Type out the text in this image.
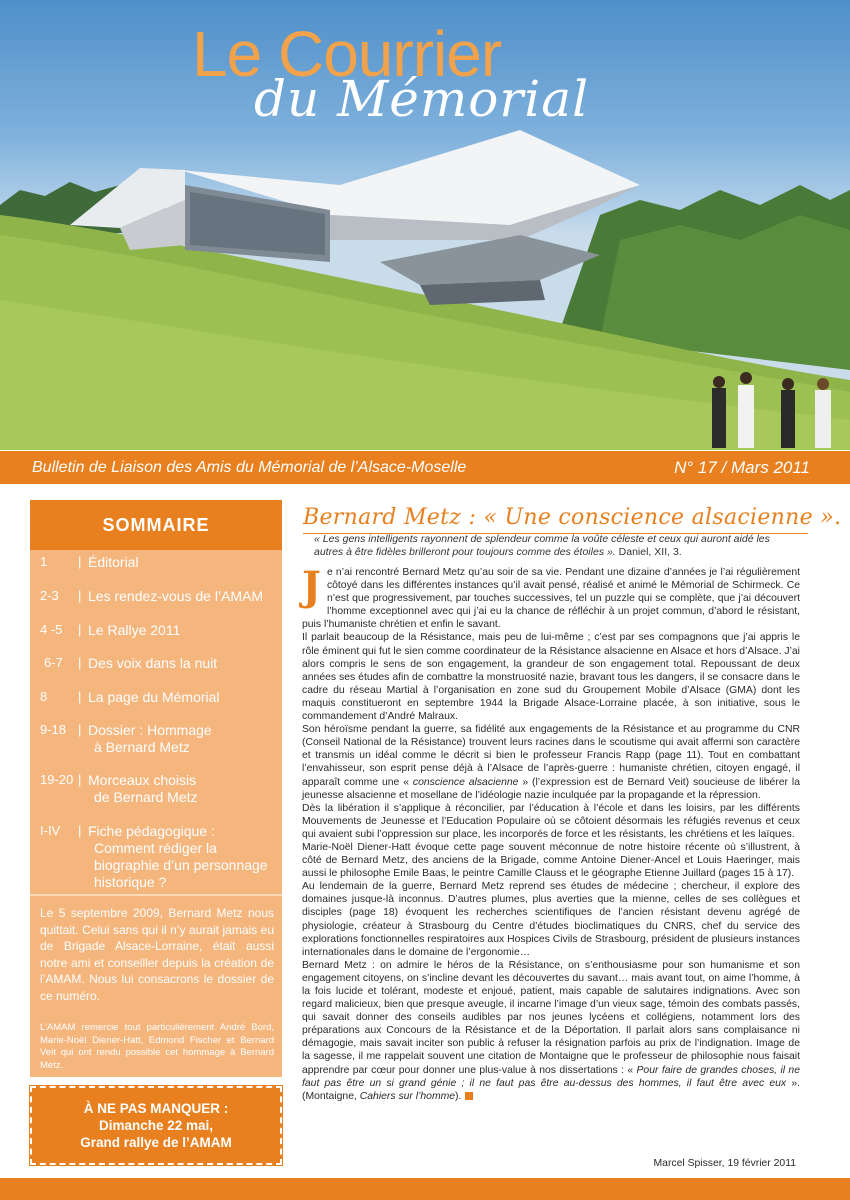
Le Courrier
du Mémorial
Bulletin de Liaison des Amis du Mémorial de l’Alsace-Moselle	N° 17 / Mars 2011
SOMMAIRE
1	| Éditorial
2-3	| Les rendez-vous de l’AMAM
4 -5	| Le Rallye 2011
6-7	| Des voix dans la nuit
8	| La page du Mémorial
9-18 | Dossier : Hommage
à Bernard Metz
19-20 | Morceaux choisis
de Bernard Metz
I-IV	| Fiche pédagogique :
Comment rédiger la
biographie d’un personnage
historique ?
Le 5 septembre 2009, Bernard Metz nous quittait. Celui sans qui il n’y aurait jamais eu de Brigade Alsace-Lorraine, était aussi notre ami et conseiller depuis la création de l’AMAM. Nous lui consacrons le dossier de ce numéro.
L’AMAM remercie tout particulièrement André Bord, Marie-Noël Diener-Hatt, Edmond Fischer et Bernard Veit qui ont rendu possible cet hommage à Bernard Metz.
À NE PAS MANQUER :
Dimanche 22 mai,
Grand rallye de l’AMAM
Bernard Metz : « Une conscience alsacienne ».
« Les gens intelligents rayonnent de splendeur comme la voûte céleste et ceux qui auront aidé les autres à être fidèles brilleront pour toujours comme des étoiles ». Daniel, XII, 3.

Je n’ai rencontré Bernard Metz qu’au soir de sa vie. Pendant une dizaine d’années je l’ai régulièrement côtoyé dans les différentes instances qu’il avait pensé, réalisé et animé le Mémorial de Schirmeck. Ce n’est que progressivement, par touches successives, tel un puzzle qui se complète, que j’ai découvert l’homme exceptionnel avec qui j’ai eu la chance de réfléchir à un projet commun, d’abord le résistant, puis l’humaniste chrétien et enfin le savant.

Il parlait beaucoup de la Résistance, mais peu de lui-même ; c’est par ses compagnons que j’ai appris le rôle éminent qui fut le sien comme coordinateur de la Résistance alsacienne en Alsace et hors d’Alsace. J’ai alors compris le sens de son engagement, la grandeur de son engagement total. Repoussant de deux années ses études afin de combattre la monstruosité nazie, bravant tous les dangers, il se consacre dans le cadre du réseau Martial à l’organisation en zone sud du Groupement Mobile d’Alsace (GMA) dont les maquis constitueront en septembre 1944 la Brigade Alsace-Lorraine placée, à son initiative, sous le commandement d’André Malraux.

Son héroïsme pendant la guerre, sa fidélité aux engagements de la Résistance et au programme du CNR (Conseil National de la Résistance) trouvent leurs racines dans le scoutisme qui avait affermi son caractère et transmis un idéal comme le décrit si bien le professeur Francis Rapp (page 11). Tout en combattant l’envahisseur, son esprit pense déjà à l’Alsace de l’après-guerre : humaniste chrétien, citoyen engagé, il apparaît comme une « conscience alsacienne » (l’expression est de Bernard Veit) soucieuse de libérer la jeunesse alsacienne et mosellane de l’idéologie nazie inculquée par la propagande et la répression.

Dès la libération il s’applique à réconcilier, par l’éducation à l’école et dans les loisirs, par les différents Mouvements de Jeunesse et l’Education Populaire où se côtoient désormais les réfugiés revenus et ceux qui avaient subi l’oppression sur place, les incorporés de force et les résistants, les chrétiens et les laïques.

Marie-Noël Diener-Hatt évoque cette page souvent méconnue de notre histoire récente où s’illustrent, à côté de Bernard Metz, des anciens de la Brigade, comme Antoine Diener-Ancel et Louis Haeringer, mais aussi le philosophe Emile Baas, le peintre Camille Clauss et le géographe Etienne Juillard (pages 15 à 17).

Au lendemain de la guerre, Bernard Metz reprend ses études de médecine ; chercheur, il explore des domaines jusque-là inconnus. D’autres plumes, plus averties que la mienne, celles de ses collègues et disciples (page 18) évoquent les recherches scientifiques de l’ancien résistant devenu agrégé de physiologie, créateur à Strasbourg du Centre d’études bioclimatiques du CNRS, chef du service des explorations fonctionnelles respiratoires aux Hospices Civils de Strasbourg, président de plusieurs instances internationales dans le domaine de l’ergonomie…

Bernard Metz : on admire le héros de la Résistance, on s’enthousiasme pour son humanisme et son engagement citoyens, on s’incline devant les découvertes du savant… mais avant tout, on aime l’homme, à la fois lucide et tolérant, modeste et enjoué, patient, mais capable de salutaires indignations. Avec son regard malicieux, bien que presque aveugle, il incarne l’image d’un vieux sage, témoin des combats passés, qui savait donner des conseils audibles par nos jeunes lycéens et collégiens, notamment lors des préparations aux Concours de la Résistance et de la Déportation. Il parlait alors sans complaisance ni démagogie, mais savait inciter son public à refuser la résignation parfois au prix de l’indignation. Image de la sagesse, il me rappelait souvent une citation de Montaigne que le professeur de philosophie nous faisait apprendre par cœur pour donner une plus-value à nos dissertations : « Pour faire de grandes choses, il ne faut pas être un si grand génie ; il ne faut pas être au-dessus des hommes, il faut être avec eux ». (Montaigne, Cahiers sur l’homme).

Marcel Spisser, 19 février 2011
